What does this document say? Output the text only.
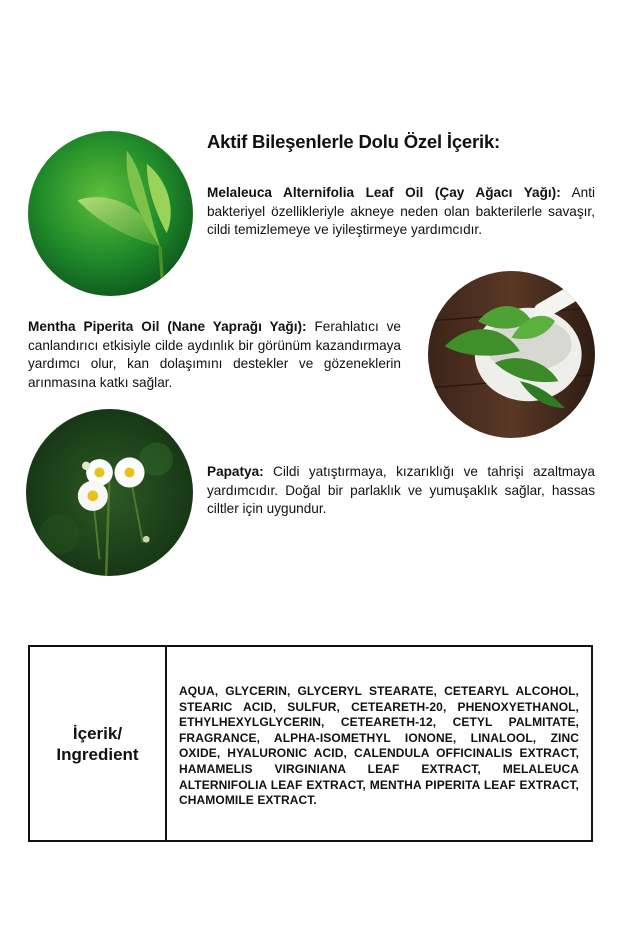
Aktif Bileşenlerle Dolu Özel İçerik:
Melaleuca Alternifolia Leaf Oil (Çay Ağacı Yağı): Anti bakteriyel özellikleriyle akneye neden olan bakterilerle savaşır, cildi temizlemeye ve iyileştirmeye yardımcıdır.
Mentha Piperita Oil (Nane Yaprağı Yağı): Ferahlatıcı ve canlandırıcı etkisiyle cilde aydınlık bir görünüm kazandırmaya yardımcı olur, kan dolaşımını destekler ve gözeneklerin arınmasına katkı sağlar.
Papatya: Cildi yatıştırmaya, kızarıklığı ve tahrişi azaltmaya yardımcıdır. Doğal bir parlaklık ve yumuşaklık sağlar, hassas ciltler için uygundur.
İçerik/ Ingredient
AQUA, GLYCERIN, GLYCERYL STEARATE, CETEARYL ALCOHOL, STEARIC ACID, SULFUR, CETEARETH-20, PHENOXYETHANOL, ETHYLHEXYLGLYCERIN, CETEARETH-12, CETYL PALMITATE, FRAGRANCE, ALPHA-ISOMETHYL IONONE, LINALOOL, ZINC OXIDE, HYALURONIC ACID, CALENDULA OFFICINALIS EXTRACT, HAMAMELIS VIRGINIANA LEAF EXTRACT, MELALEUCA ALTERNIFOLIA LEAF EXTRACT, MENTHA PIPERITA LEAF EXTRACT, CHAMOMILE EXTRACT.
